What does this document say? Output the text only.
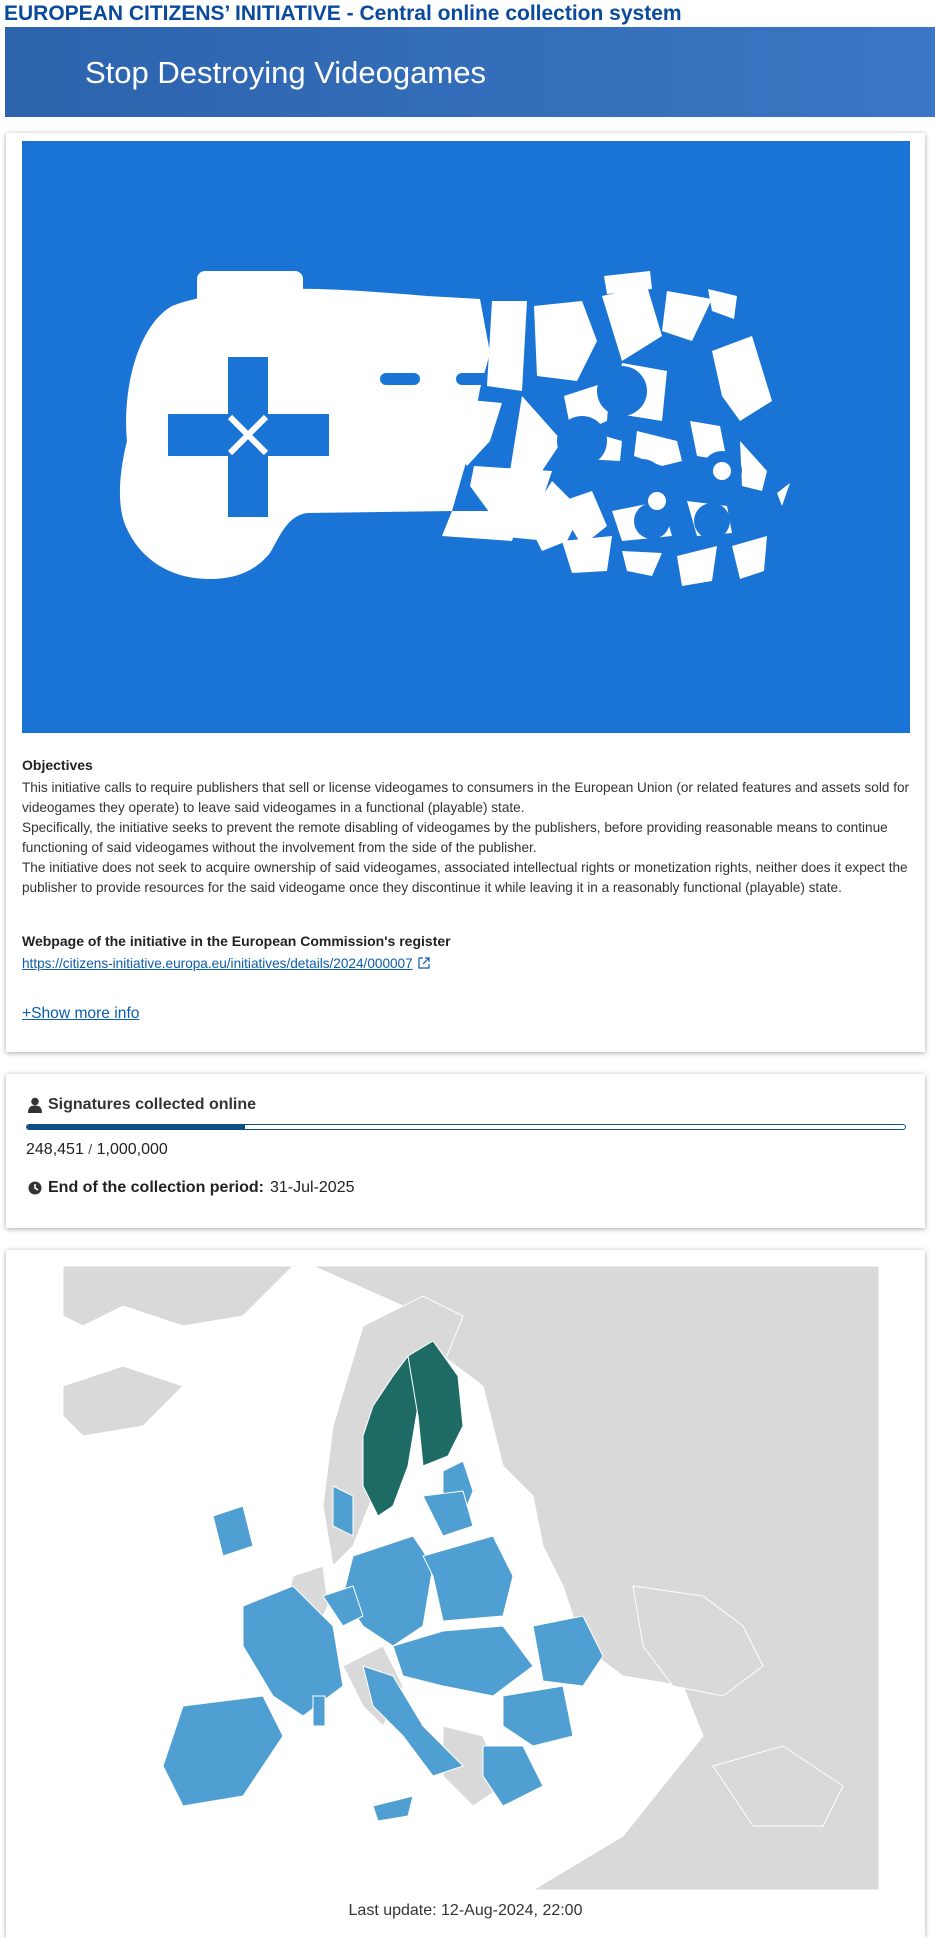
EUROPEAN CITIZENS’ INITIATIVE - Central online collection system
Stop Destroying Videogames
Objectives

This initiative calls to require publishers that sell or license videogames to consumers in the European Union (or related features and assets sold for videogames they operate) to leave said videogames in a functional (playable) state.
Specifically, the initiative seeks to prevent the remote disabling of videogames by the publishers, before providing reasonable means to continue functioning of said videogames without the involvement from the side of the publisher.
The initiative does not seek to acquire ownership of said videogames, associated intellectual rights or monetization rights, neither does it expect the publisher to provide resources for the said videogame once they discontinue it while leaving it in a reasonably functional (playable) state.

Webpage of the initiative in the European Commission's register
https://citizens-initiative.europa.eu/initiatives/details/2024/000007
+Show more info
Signatures collected online
248,451 / 1,000,000
End of the collection period: 31-Jul-2025
Last update: 12-Aug-2024, 22:00
